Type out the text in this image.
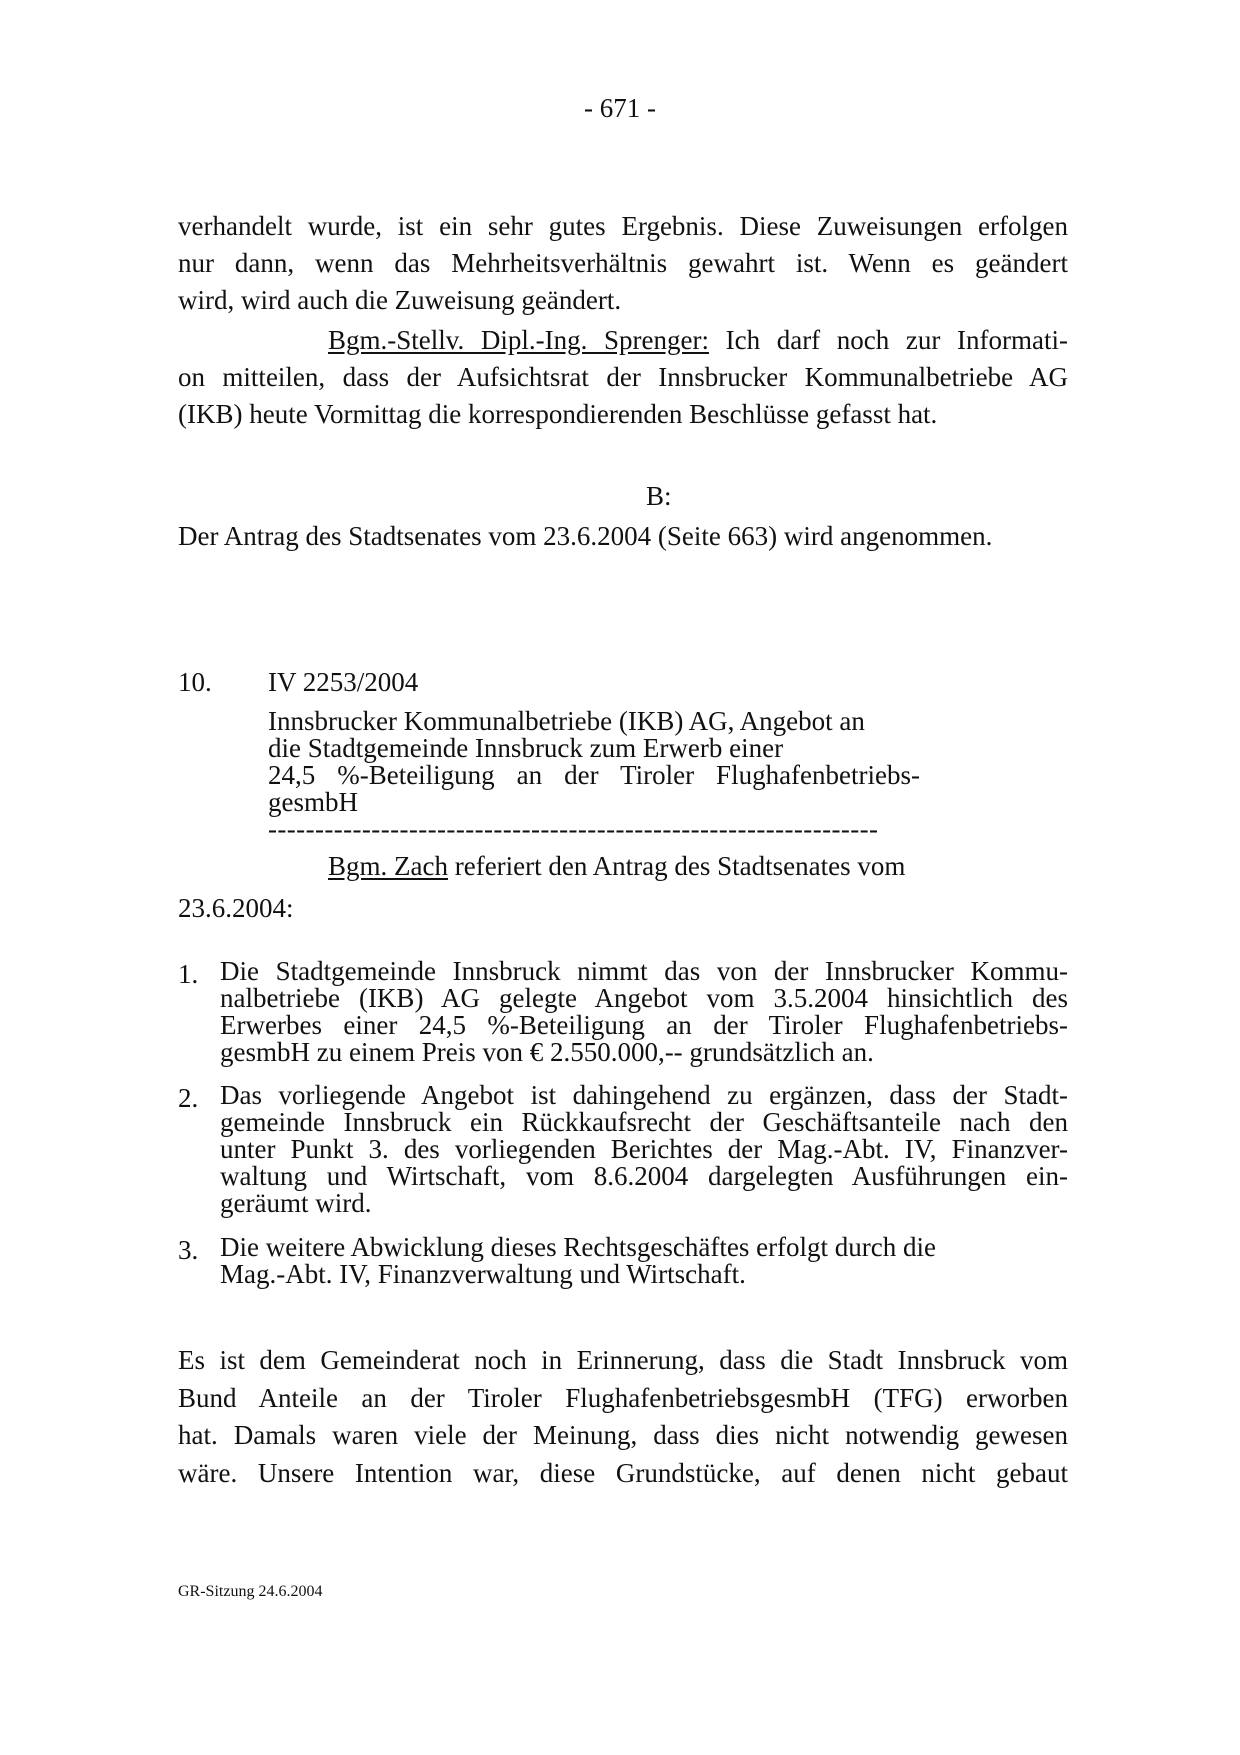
- 671 -
verhandelt wurde, ist ein sehr gutes Ergebnis. Diese Zuweisungen erfolgen
nur dann, wenn das Mehrheitsverhältnis gewahrt ist. Wenn es geändert
wird, wird auch die Zuweisung geändert.
Bgm.-Stellv. Dipl.-Ing. Sprenger: Ich darf noch zur Informati-
on mitteilen, dass der Aufsichtsrat der Innsbrucker Kommunalbetriebe AG
(IKB) heute Vormittag die korrespondierenden Beschlüsse gefasst hat.
B:
Der Antrag des Stadtsenates vom 23.6.2004 (Seite 663) wird angenommen.
10. IV 2253/2004
Innsbrucker Kommunalbetriebe (IKB) AG, Angebot an
die Stadtgemeinde Innsbruck zum Erwerb einer
24,5 %-Beteiligung an der Tiroler Flughafenbetriebs-
gesmbH
-----------------------------------------------------------------
Bgm. Zach referiert den Antrag des Stadtsenates vom
23.6.2004:
1. Die Stadtgemeinde Innsbruck nimmt das von der Innsbrucker Kommu-
nalbetriebe (IKB) AG gelegte Angebot vom 3.5.2004 hinsichtlich des
Erwerbes einer 24,5 %-Beteiligung an der Tiroler Flughafenbetriebs-
gesmbH zu einem Preis von € 2.550.000,-- grundsätzlich an.
2. Das vorliegende Angebot ist dahingehend zu ergänzen, dass der Stadt-
gemeinde Innsbruck ein Rückkaufsrecht der Geschäftsanteile nach den
unter Punkt 3. des vorliegenden Berichtes der Mag.-Abt. IV, Finanzver-
waltung und Wirtschaft, vom 8.6.2004 dargelegten Ausführungen ein-
geräumt wird.
3. Die weitere Abwicklung dieses Rechtsgeschäftes erfolgt durch die
Mag.-Abt. IV, Finanzverwaltung und Wirtschaft.
Es ist dem Gemeinderat noch in Erinnerung, dass die Stadt Innsbruck vom
Bund Anteile an der Tiroler FlughafenbetriebsgesmbH (TFG) erworben
hat. Damals waren viele der Meinung, dass dies nicht notwendig gewesen
wäre. Unsere Intention war, diese Grundstücke, auf denen nicht gebaut
GR-Sitzung 24.6.2004
